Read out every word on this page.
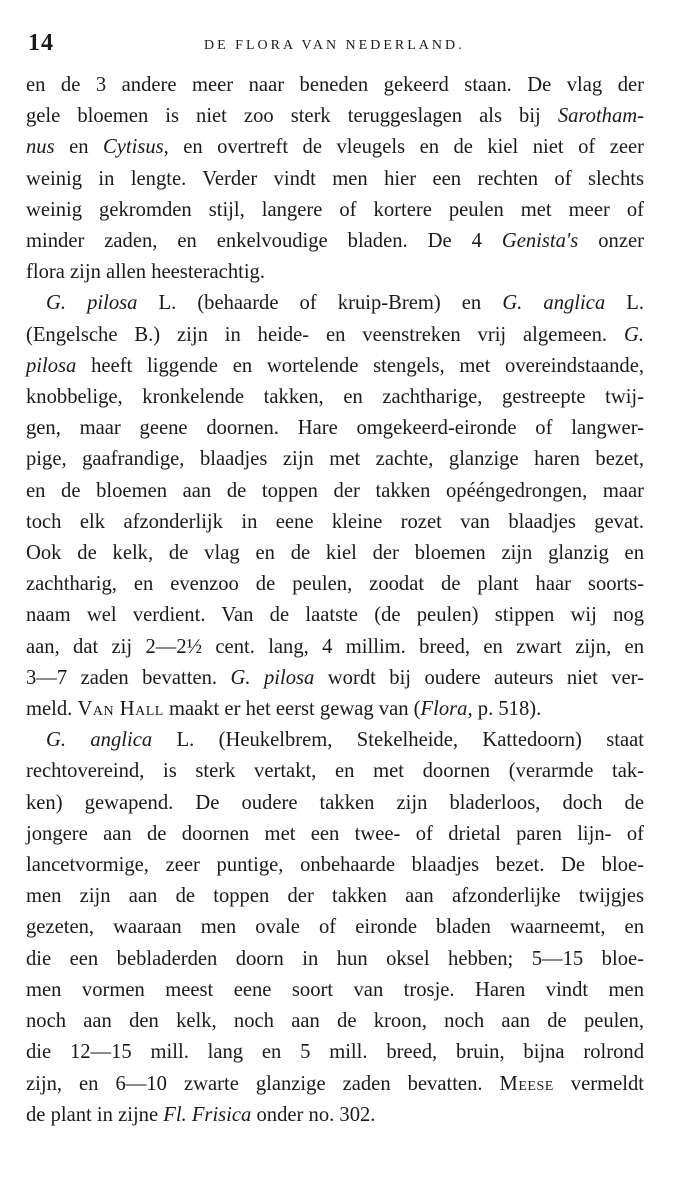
14	DE FLORA VAN NEDERLAND.
en de 3 andere meer naar beneden gekeerd staan. De vlag der
gele bloemen is niet zoo sterk teruggeslagen als bij Sarotham-
nus en Cytisus, en overtreft de vleugels en de kiel niet of zeer
weinig in lengte. Verder vindt men hier een rechten of slechts
weinig gekromden stijl, langere of kortere peulen met meer of
minder zaden, en enkelvoudige bladen. De 4 Genista's onzer
flora zijn allen heesterachtig.
G. pilosa L. (behaarde of kruip-Brem) en G. anglica L.
(Engelsche B.) zijn in heide- en veenstreken vrij algemeen. G.
pilosa heeft liggende en wortelende stengels, met overeindstaande,
knobbelige, kronkelende takken, en zachtharige, gestreepte twij-
gen, maar geene doornen. Hare omgekeerd-eironde of langwer-
pige, gaafrandige, blaadjes zijn met zachte, glanzige haren bezet,
en de bloemen aan de toppen der takken opééngedrongen, maar
toch elk afzonderlijk in eene kleine rozet van blaadjes gevat.
Ook de kelk, de vlag en de kiel der bloemen zijn glanzig en
zachtharig, en evenzoo de peulen, zoodat de plant haar soorts-
naam wel verdient. Van de laatste (de peulen) stippen wij nog
aan, dat zij 2—2½ cent. lang, 4 millim. breed, en zwart zijn, en
3—7 zaden bevatten. G. pilosa wordt bij oudere auteurs niet ver-
meld. Van Hall maakt er het eerst gewag van (Flora, p. 518).
G. anglica L. (Heukelbrem, Stekelheide, Kattedoorn) staat
rechtovereind, is sterk vertakt, en met doornen (verarmde tak-
ken) gewapend. De oudere takken zijn bladerloos, doch de
jongere aan de doornen met een twee- of drietal paren lijn- of
lancetvormige, zeer puntige, onbehaarde blaadjes bezet. De bloe-
men zijn aan de toppen der takken aan afzonderlijke twijgjes
gezeten, waaraan men ovale of eironde bladen waarneemt, en
die een bebladerden doorn in hun oksel hebben; 5—15 bloe-
men vormen meest eene soort van trosje. Haren vindt men
noch aan den kelk, noch aan de kroon, noch aan de peulen,
die 12—15 mill. lang en 5 mill. breed, bruin, bijna rolrond
zijn, en 6—10 zwarte glanzige zaden bevatten. Meese vermeldt
de plant in zijne Fl. Frisica onder no. 302.
